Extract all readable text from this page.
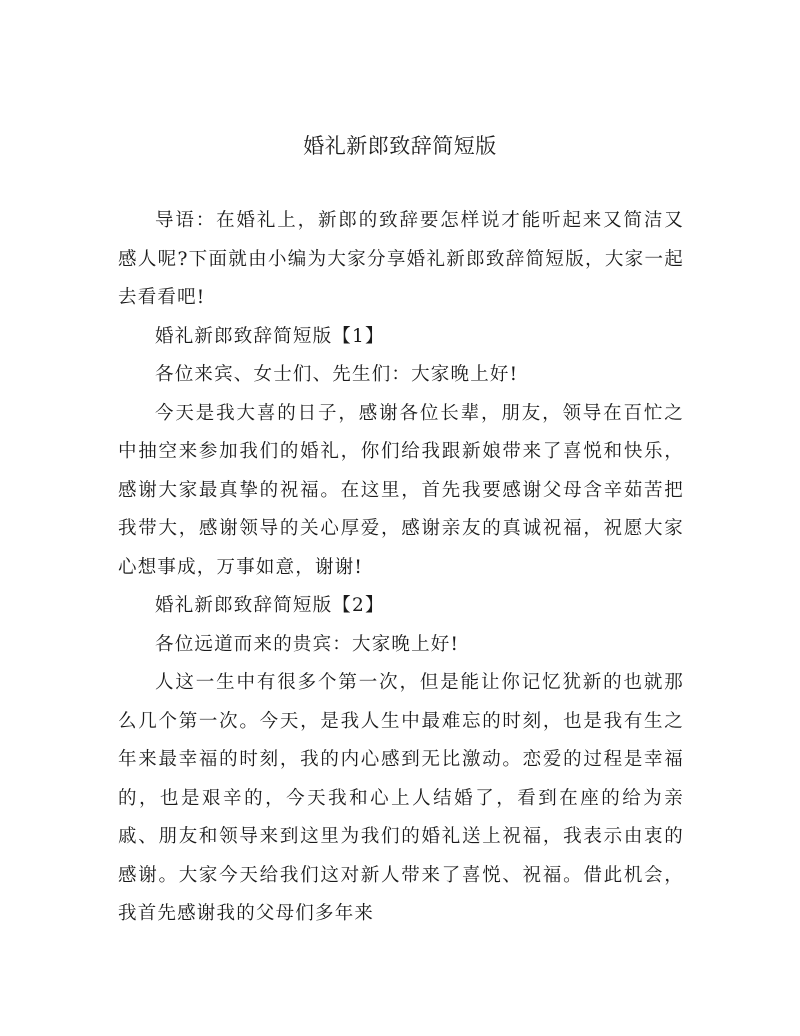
婚礼新郎致辞简短版

导语：在婚礼上，新郎的致辞要怎样说才能听起来又简洁又感人呢?下面就由小编为大家分享婚礼新郎致辞简短版，大家一起去看看吧!

婚礼新郎致辞简短版【1】

各位来宾、女士们、先生们：大家晚上好!

今天是我大喜的日子，感谢各位长辈，朋友，领导在百忙之中抽空来参加我们的婚礼，你们给我跟新娘带来了喜悦和快乐，感谢大家最真挚的祝福。在这里，首先我要感谢父母含辛茹苦把我带大，感谢领导的关心厚爱，感谢亲友的真诚祝福，祝愿大家心想事成，万事如意，谢谢!

婚礼新郎致辞简短版【2】

各位远道而来的贵宾：大家晚上好!

人这一生中有很多个第一次，但是能让你记忆犹新的也就那么几个第一次。今天，是我人生中最难忘的时刻，也是我有生之年来最幸福的时刻，我的内心感到无比激动。恋爱的过程是幸福的，也是艰辛的，今天我和心上人结婚了，看到在座的给为亲戚、朋友和领导来到这里为我们的婚礼送上祝福，我表示由衷的感谢。大家今天给我们这对新人带来了喜悦、祝福。借此机会，我首先感谢我的父母们多年来
